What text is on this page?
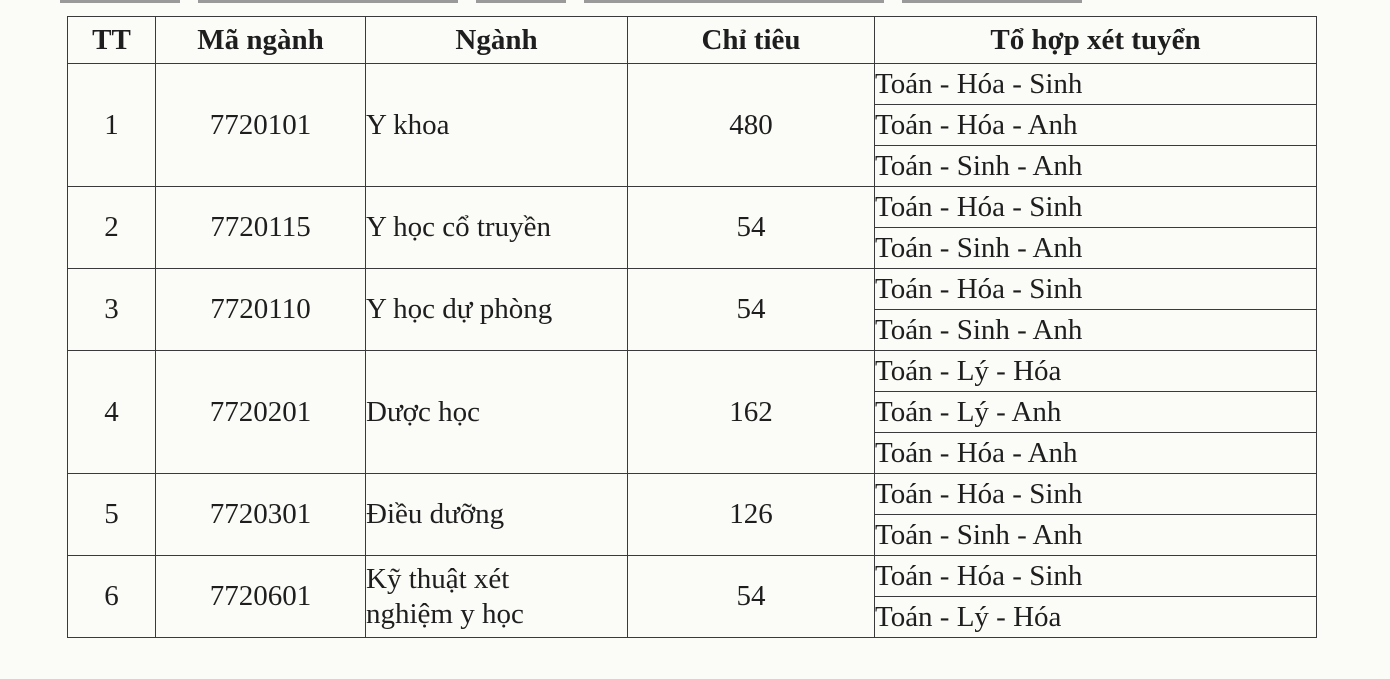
TT	Mã ngành	Ngành	Chỉ tiêu	Tổ hợp xét tuyển
1	7720101	Y khoa	480	Toán - Hóa - Sinh
				Toán - Hóa - Anh
				Toán - Sinh - Anh
2	7720115	Y học cổ truyền	54	Toán - Hóa - Sinh
				Toán - Sinh - Anh
3	7720110	Y học dự phòng	54	Toán - Hóa - Sinh
				Toán - Sinh - Anh
4	7720201	Dược học	162	Toán - Lý - Hóa
				Toán - Lý - Anh
				Toán - Hóa - Anh
5	7720301	Điều dưỡng	126	Toán - Hóa - Sinh
				Toán - Sinh - Anh
6	7720601	Kỹ thuật xét nghiệm y học	54	Toán - Hóa - Sinh
				Toán - Lý - Hóa
